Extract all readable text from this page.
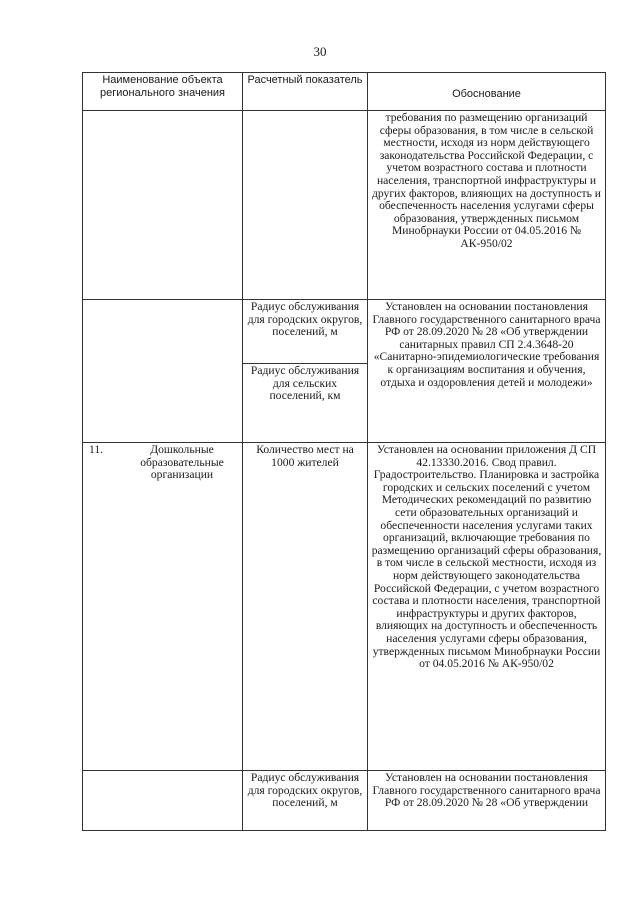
30
Наименование объекта регионального значения	Расчетный показатель	Обоснование
		требования по размещению организаций сферы образования, в том числе в сельской местности, исходя из норм действующего законодательства Российской Федерации, с учетом возрастного состава и плотности населения, транспортной инфраструктуры и других факторов, влияющих на доступность и обеспеченность населения услугами сферы образования, утвержденных письмом Минобрнауки России от 04.05.2016 № АК-950/02
	Радиус обслуживания для городских округов, поселений, м	Установлен на основании постановления Главного государственного санитарного врача РФ от 28.09.2020 № 28 «Об утверждении санитарных правил СП 2.4.3648-20 «Санитарно-эпидемиологические требования к организациям воспитания и обучения, отдыха и оздоровления детей и молодежи»
	Радиус обслуживания для сельских поселений, км	

11. Дошкольные образовательные организации	Количество мест на 1000 жителей	Установлен на основании приложения Д СП 42.13330.2016. Свод правил. Градостроительство. Планировка и застройка городских и сельских поселений с учетом Методических рекомендаций по развитию сети образовательных организаций и обеспеченности населения услугами таких организаций, включающие требования по размещению организаций сферы образования, в том числе в сельской местности, исходя из норм действующего законодательства Российской Федерации, с учетом возрастного состава и плотности населения, транспортной инфраструктуры и других факторов, влияющих на доступность и обеспеченность населения услугами сферы образования, утвержденных письмом Минобрнауки России от 04.05.2016 № АК-950/02
	Радиус обслуживания для городских округов, поселений, м	Установлен на основании постановления Главного государственного санитарного врача РФ от 28.09.2020 № 28 «Об утверждении
